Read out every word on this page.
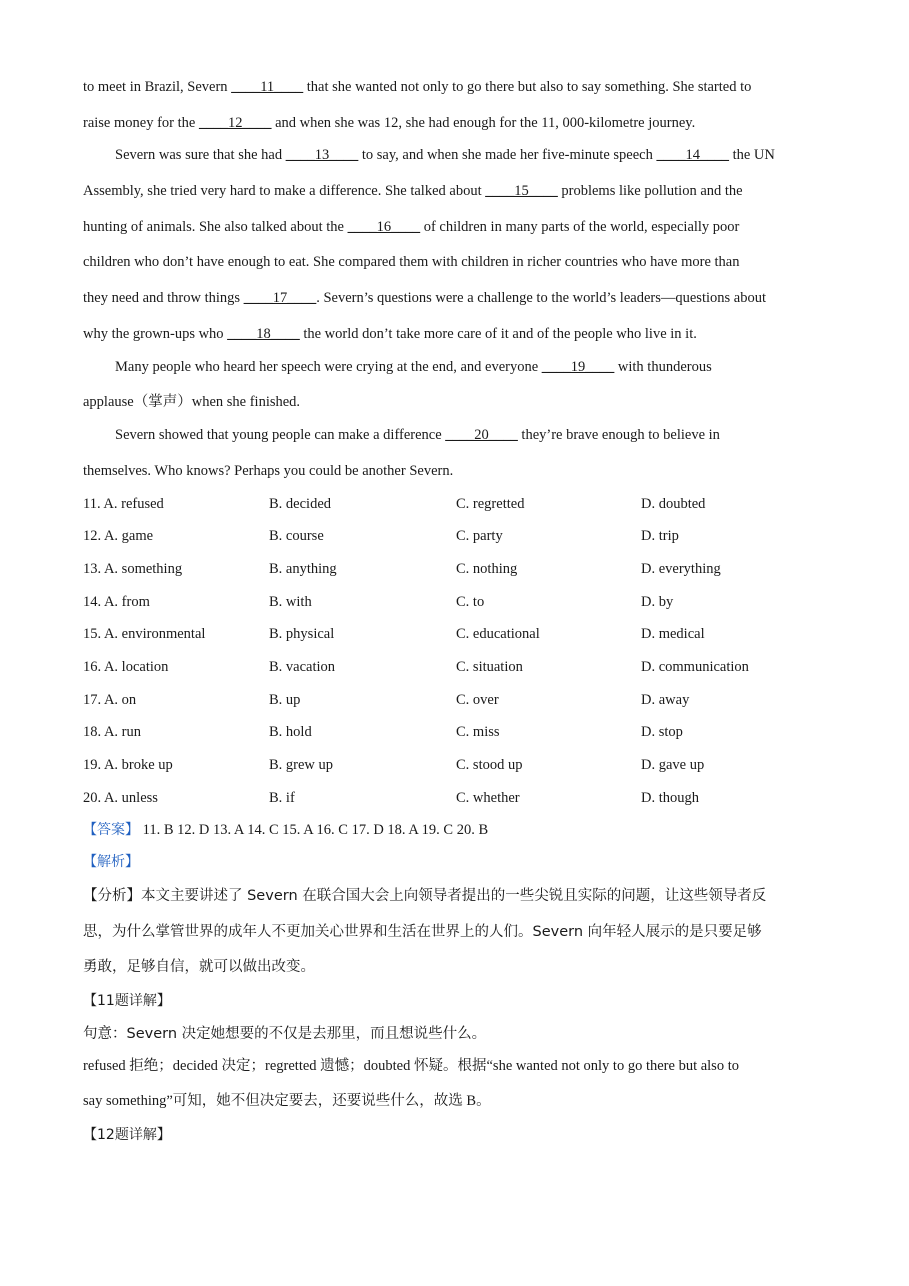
to meet in Brazil, Severn ____11____ that she wanted not only to go there but also to say something. She started to
raise money for the ____12____ and when she was 12, she had enough for the 11, 000-kilometre journey.
Severn was sure that she had ____13____ to say, and when she made her five-minute speech ____14____ the UN
Assembly, she tried very hard to make a difference. She talked about ____15____ problems like pollution and the
hunting of animals. She also talked about the ____16____ of children in many parts of the world, especially poor
children who don’t have enough to eat. She compared them with children in richer countries who have more than
they need and throw things ____17____. Severn’s questions were a challenge to the world’s leaders—questions about
why the grown-ups who ____18____ the world don’t take more care of it and of the people who live in it.
Many people who heard her speech were crying at the end, and everyone ____19____ with thunderous
applause（掌声）when she finished.
Severn showed that young people can make a difference ____20____ they’re brave enough to believe in
themselves. Who knows? Perhaps you could be another Severn.
11. A. refused	B. decided	C. regretted	D. doubted
12. A. game	B. course	C. party	D. trip
13. A. something	B. anything	C. nothing	D. everything
14. A. from	B. with	C. to	D. by
15. A. environmental	B. physical	C. educational	D. medical
16. A. location	B. vacation	C. situation	D. communication
17. A. on	B. up	C. over	D. away
18. A. run	B. hold	C. miss	D. stop
19. A. broke up	B. grew up	C. stood up	D. gave up
20. A. unless	B. if	C. whether	D. though
【答案】 11. B 12. D 13. A 14. C 15. A 16. C 17. D 18. A 19. C 20. B
【解析】
【分析】本文主要讲述了 Severn 在联合国大会上向领导者提出的一些尖锐且实际的问题，让这些领导者反
思，为什么掌管世界的成年人不更加关心世界和生活在世界上的人们。Severn 向年轻人展示的是只要足够
勇敢，足够自信，就可以做出改变。
【11题详解】
句意：Severn 决定她想要的不仅是去那里，而且想说些什么。
refused 拒绝；decided 决定；regretted 遗憾；doubted 怀疑。根据“she wanted not only to go there but also to
say something”可知，她不但决定要去，还要说些什么，故选 B。
【12题详解】
